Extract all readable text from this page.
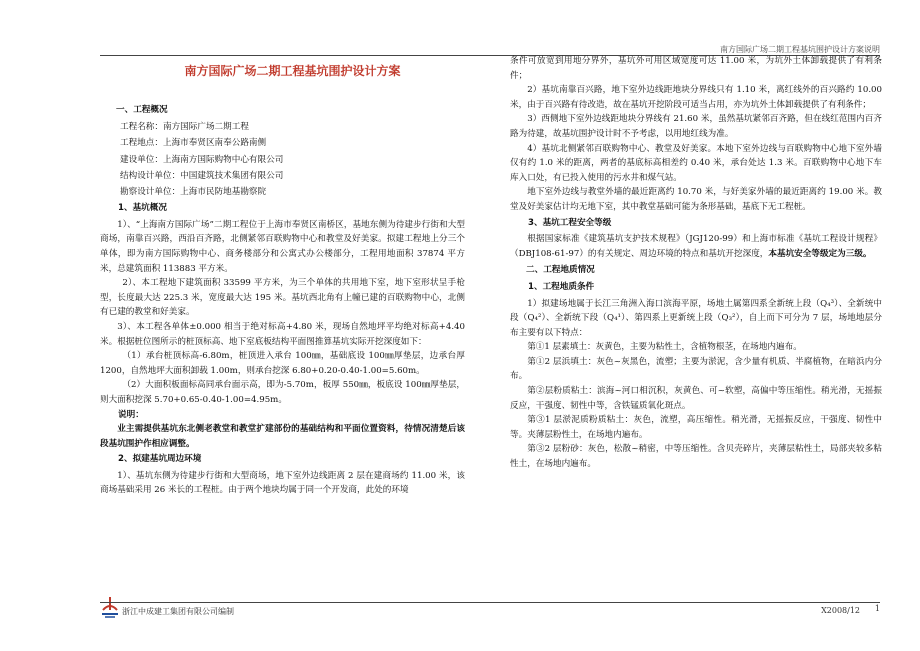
南方国际广场二期工程基坑围护设计方案说明
南方国际广场二期工程基坑围护设计方案
一、工程概况
工程名称：南方国际广场二期工程
工程地点：上海市奉贤区南奉公路南侧
建设单位：上海南方国际购物中心有限公司
结构设计单位：中国建筑技术集团有限公司
勘察设计单位：上海市民防地基勘察院
1、基坑概况

1）、“上海南方国际广场”二期工程位于上海市奉贤区南桥区，基地东侧为待建步行街和大型商场，南靠百兴路，西沿百齐路，北侧紧邻百联购物中心和教堂及好美家。拟建工程地上分三个单体，即为南方国际购物中心、商务楼部分和公寓式办公楼部分，工程用地面积 37874 平方米，总建筑面积 113883 平方米。

2）、本工程地下建筑面积 33599 平方米，为三个单体的共用地下室，地下室形状呈手枪型，长度最大达 225.3 米，宽度最大达 195 米。基坑西北角有上幢已建的百联购物中心，北侧有已建的教堂和好美家。

3）、本工程各单体±0.000 相当于绝对标高+4.80 米，现场自然地坪平均绝对标高+4.40 米。根据桩位图所示的桩顶标高、地下室底板结构平面图推算基坑实际开挖深度如下：

（1）承台桩顶标高-6.80m，桩顶进入承台 100㎜，基础底设 100㎜厚垫层，边承台厚 1200，自然地坪大面积卸载 1.00m，则承台挖深 6.80+0.20-0.40-1.00=5.60m。

（2）大面积板面标高同承台面示高，即为-5.70m，板厚 550㎜，板底设 100㎜厚垫层，则大面积挖深 5.70+0.65-0.40-1.00=4.95m。

说明：

业主需提供基坑东北侧老教堂和教堂扩建部份的基础结构和平面位置资料，待情况清楚后该段基坑围护作相应调整。

2、拟建基坑周边环境

1）、基坑东侧为待建步行街和大型商场，地下室外边线距离 2 层在建商场约 11.00 米，该商场基础采用 26 米长的工程桩。由于两个地块均属于同一个开发商，此处的环境

条件可放宽到用地分界外，基坑外可用区域宽度可达 11.00 米，为坑外土体卸载提供了有利条件；

2）基坑南靠百兴路，地下室外边线距地块分界线只有 1.10 米，离红线外的百兴路约 10.00 米，由于百兴路有待改造，故在基坑开挖阶段可适当占用，亦为坑外土体卸载提供了有利条件；

3）西侧地下室外边线距地块分界线有 21.60 米，虽然基坑紧邻百齐路，但在线红范围内百齐路为待建，故基坑围护设计时不予考虑，以用地红线为准。

4）基坑北侧紧邻百联购物中心、教堂及好美家。本地下室外边线与百联购物中心地下室外墙仅有约 1.0 米的距离，两者的基底标高相差约 0.40 米，承台处达 1.3 米。百联购物中心地下车库入口处，有已投入使用的污水井和煤气站。

地下室外边线与教堂外墙的最近距离约 10.70 米，与好美家外墙的最近距离约 19.00 米。教堂及好美家估计均无地下室，其中教堂基础可能为条形基础，基底下无工程桩。

3、基坑工程安全等级

根据国家标准《建筑基坑支护技术规程》（JGJ120-99）和上海市标准《基坑工程设计规程》（DBJ108-61-97）的有关规定、周边环境的特点和基坑开挖深度，本基坑安全等级定为三级。

二、工程地质情况
1、工程地质条件

1）拟建场地属于长江三角洲入海口滨海平原，场地土属第四系全新统上段（Q₄³）、全新统中段（Q₄²）、全新统下段（Q₄¹）、第四系上更新统上段（Q₃²），自上而下可分为 7 层，场地地层分布主要有以下特点：

第①1 层素填土：灰黄色，主要为粘性土，含植物根茎，在场地内遍布。

第①2 层浜填土：灰色~灰黑色，流塑；主要为淤泥，含少量有机质、半腐植物，在暗浜内分布。

第②层粉质粘土：滨海~河口相沉积，灰黄色、可~软塑，高偏中等压缩性。稍光滑，无摇振反应，干强度、韧性中等，含铁锰质氧化斑点。

第③1 层淤泥质粉质粘土：灰色，流塑，高压缩性。稍光滑，无摇振反应，干强度、韧性中等。夹薄层粉性土，在场地内遍布。

第③2 层粉砂：灰色，松散~稍密，中等压缩性。含贝壳碎片，夹薄层粘性土，局部夹较多粘性土，在场地内遍布。

浙江中成建工集团有限公司编制	X2008/12 1
